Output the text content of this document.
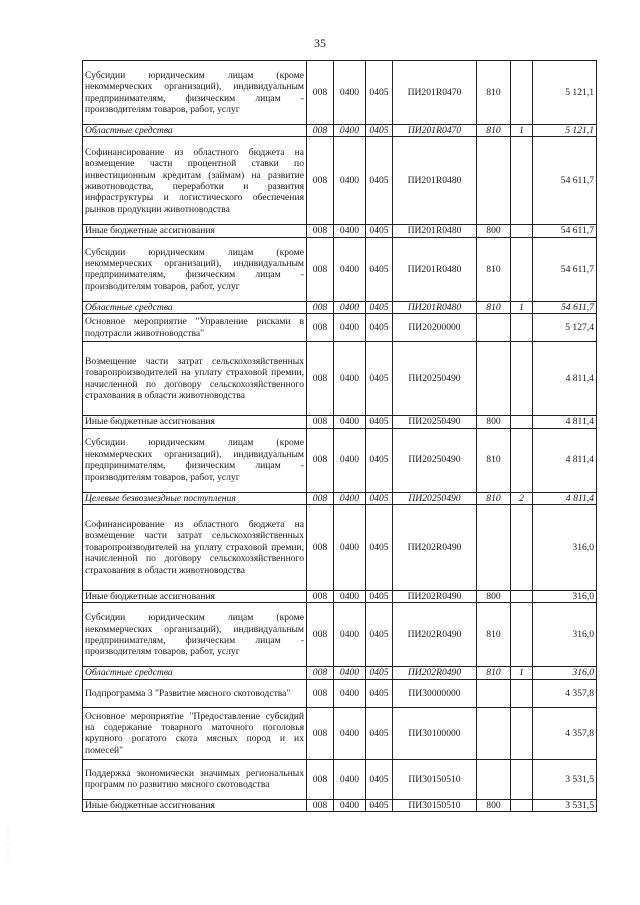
35
Субсидии юридическим лицам (кроме некоммерческих организаций), индивидуальным предпринимателям, физическим лицам - производителям товаров, работ, услуг	008	0400	0405	ПИ201R0470	810		5 121,1
Областные средства	008	0400	0405	ПИ201R0470	810	1	5 121,1
Софинансирование из областного бюджета на возмещение части процентной ставки по инвестиционным кредитам (займам) на развитие животноводства, переработки и развития инфраструктуры и логистического обеспечения рынков продукции животноводства	008	0400	0405	ПИ201R0480			54 611,7
Иные бюджетные ассигнования	008	0400	0405	ПИ201R0480	800		54 611,7
Субсидии юридическим лицам (кроме некоммерческих организаций), индивидуальным предпринимателям, физическим лицам - производителям товаров, работ, услуг	008	0400	0405	ПИ201R0480	810		54 611,7
Областные средства	008	0400	0405	ПИ201R0480	810	1	54 611,7
Основное мероприятие "Управление рисками в подотрасли животноводства"	008	0400	0405	ПИ20200000			5 127,4
Возмещение части затрат сельскохозяйственных товаропроизводителей на уплату страховой премии, начисленной по договору сельскохозяйственного страхования в области животноводства	008	0400	0405	ПИ20250490			4 811,4
Иные бюджетные ассигнования	008	0400	0405	ПИ20250490	800		4 811,4
Субсидии юридическим лицам (кроме некоммерческих организаций), индивидуальным предпринимателям, физическим лицам - производителям товаров, работ, услуг	008	0400	0405	ПИ20250490	810		4 811,4
Целевые безвозмездные поступления	008	0400	0405	ПИ20250490	810	2	4 811,4
Софинансирование из областного бюджета на возмещение части затрат сельскохозяйственных товаропроизводителей на уплату страховой премии, начисленной по договору сельскохозяйственного страхования в области животноводства	008	0400	0405	ПИ202R0490			316,0
Иные бюджетные ассигнования	008	0400	0405	ПИ202R0490	800		316,0
Субсидии юридическим лицам (кроме некоммерческих организаций), индивидуальным предпринимателям, физическим лицам - производителям товаров, работ, услуг	008	0400	0405	ПИ202R0490	810		316,0
Областные средства	008	0400	0405	ПИ202R0490	810	1	316,0
Подпрограмма 3 "Развитие мясного скотоводства"	008	0400	0405	ПИ30000000			4 357,8
Основное мероприятие "Предоставление субсидий на содержание товарного маточного поголовья крупного рогатого скота мясных пород и их помесей"	008	0400	0405	ПИ30100000			4 357,8
Поддержка экономически значимых региональных программ по развитию мясного скотоводства	008	0400	0405	ПИ30150510			3 531,5
Иные бюджетные ассигнования	008	0400	0405	ПИ30150510	800		3 531,5
·
·
·
·
·
